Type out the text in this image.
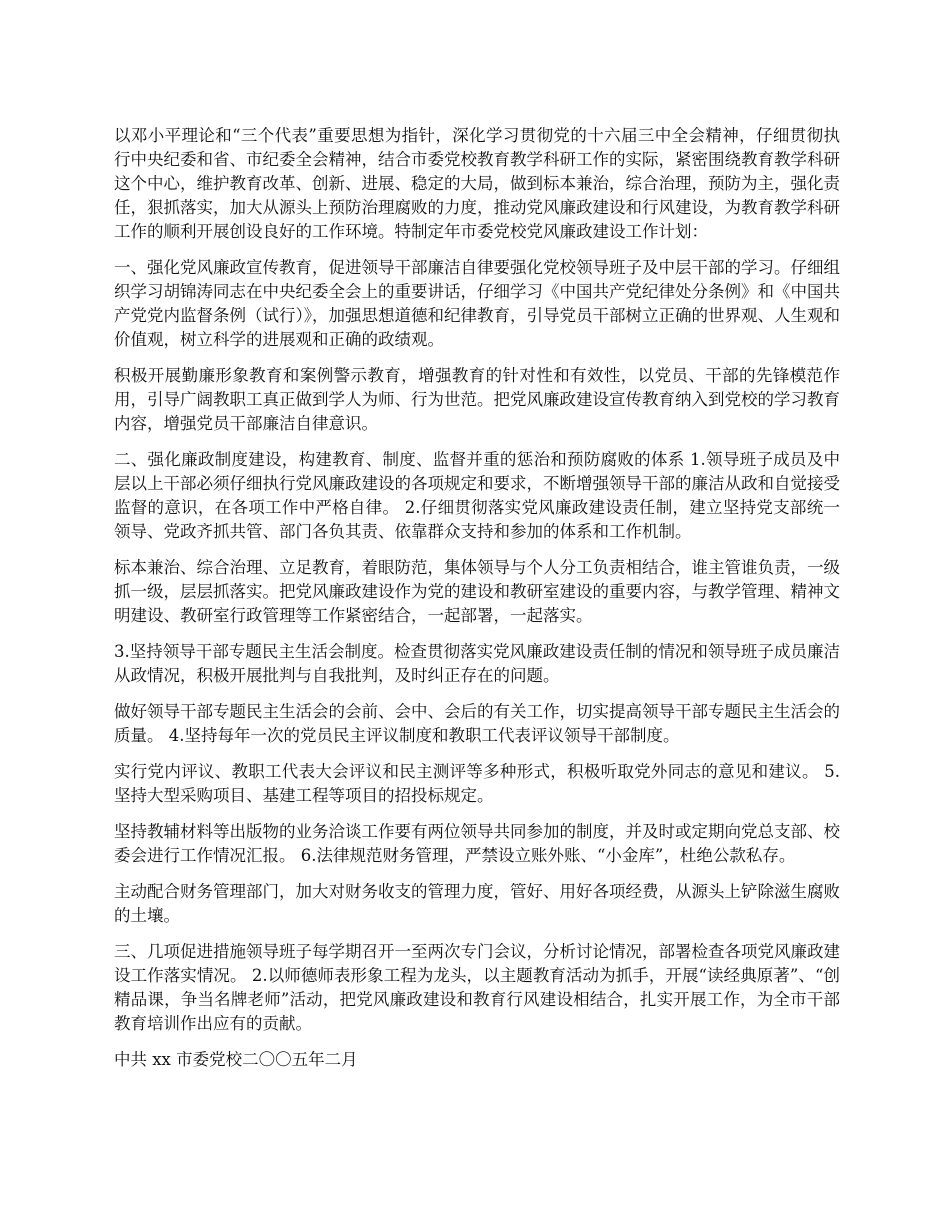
以邓小平理论和“三个代表”重要思想为指针，深化学习贯彻党的十六届三中全会精神，仔细贯彻执行中央纪委和省、市纪委全会精神，结合市委党校教育教学科研工作的实际，紧密围绕教育教学科研这个中心，维护教育改革、创新、进展、稳定的大局，做到标本兼治，综合治理，预防为主，强化责任，狠抓落实，加大从源头上预防治理腐败的力度，推动党风廉政建设和行风建设，为教育教学科研工作的顺利开展创设良好的工作环境。特制定年市委党校党风廉政建设工作计划：

一、强化党风廉政宣传教育，促进领导干部廉洁自律要强化党校领导班子及中层干部的学习。仔细组织学习胡锦涛同志在中央纪委全会上的重要讲话，仔细学习《中国共产党纪律处分条例》和《中国共产党党内监督条例（试行）》，加强思想道德和纪律教育，引导党员干部树立正确的世界观、人生观和价值观，树立科学的进展观和正确的政绩观。

积极开展勤廉形象教育和案例警示教育，增强教育的针对性和有效性，以党员、干部的先锋模范作用，引导广阔教职工真正做到学人为师、行为世范。把党风廉政建设宣传教育纳入到党校的学习教育内容，增强党员干部廉洁自律意识。

二、强化廉政制度建设，构建教育、制度、监督并重的惩治和预防腐败的体系 1.领导班子成员及中层以上干部必须仔细执行党风廉政建设的各项规定和要求，不断增强领导干部的廉洁从政和自觉接受监督的意识，在各项工作中严格自律。 2.仔细贯彻落实党风廉政建设责任制，建立坚持党支部统一领导、党政齐抓共管、部门各负其责、依靠群众支持和参加的体系和工作机制。

标本兼治、综合治理、立足教育，着眼防范，集体领导与个人分工负责相结合，谁主管谁负责，一级抓一级，层层抓落实。把党风廉政建设作为党的建设和教研室建设的重要内容，与教学管理、精神文明建设、教研室行政管理等工作紧密结合，一起部署，一起落实。

3.坚持领导干部专题民主生活会制度。检查贯彻落实党风廉政建设责任制的情况和领导班子成员廉洁从政情况，积极开展批判与自我批判，及时纠正存在的问题。

做好领导干部专题民主生活会的会前、会中、会后的有关工作，切实提高领导干部专题民主生活会的质量。 4.坚持每年一次的党员民主评议制度和教职工代表评议领导干部制度。

实行党内评议、教职工代表大会评议和民主测评等多种形式，积极听取党外同志的意见和建议。 5.坚持大型采购项目、基建工程等项目的招投标规定。

坚持教辅材料等出版物的业务洽谈工作要有两位领导共同参加的制度，并及时或定期向党总支部、校委会进行工作情况汇报。 6.法律规范财务管理，严禁设立账外账、“小金库”，杜绝公款私存。

主动配合财务管理部门，加大对财务收支的管理力度，管好、用好各项经费，从源头上铲除滋生腐败的土壤。

三、几项促进措施领导班子每学期召开一至两次专门会议，分析讨论情况，部署检查各项党风廉政建设工作落实情况。 2.以师德师表形象工程为龙头，以主题教育活动为抓手，开展“读经典原著”、“创精品课，争当名牌老师”活动，把党风廉政建设和教育行风建设相结合，扎实开展工作，为全市干部教育培训作出应有的贡献。

中共 xx 市委党校二〇〇五年二月
